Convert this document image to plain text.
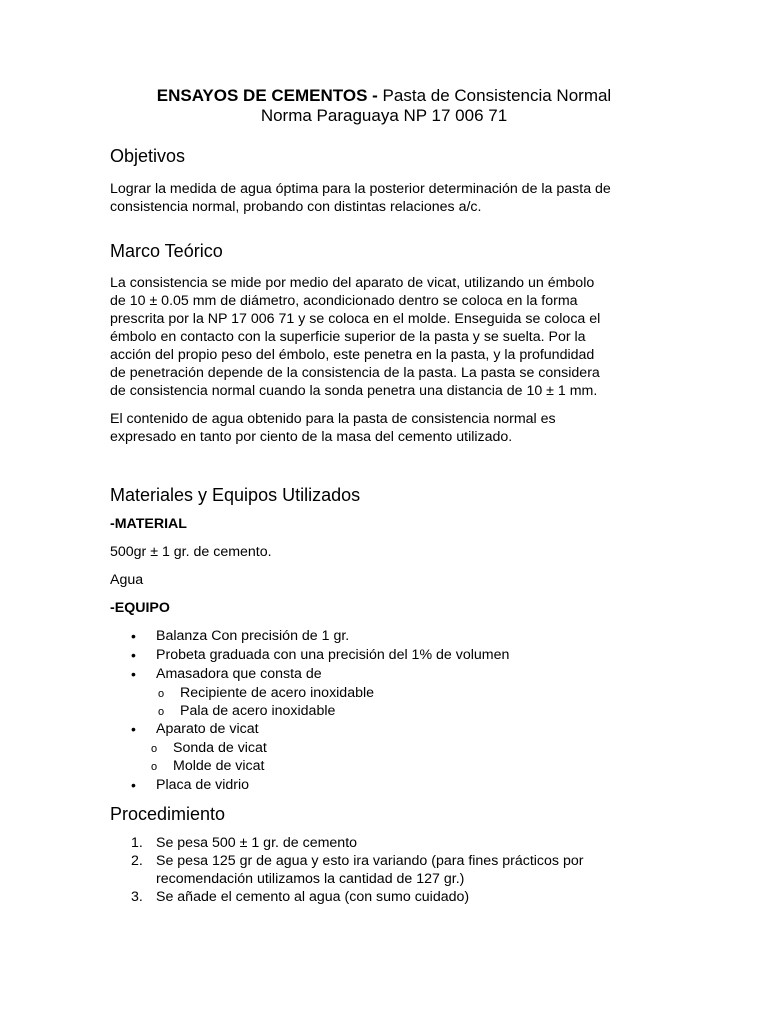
ENSAYOS DE CEMENTOS - Pasta de Consistencia Normal
Norma Paraguaya NP 17 006 71
Objetivos

Lograr la medida de agua óptima para la posterior determinación de la pasta de

consistencia normal, probando con distintas relaciones a/c.

Marco Teórico

La consistencia se mide por medio del aparato de vicat, utilizando un émbolo

de 10 ± 0.05 mm de diámetro, acondicionado dentro se coloca en la forma

prescrita por la NP 17 006 71 y se coloca en el molde. Enseguida se coloca el

émbolo en contacto con la superficie superior de la pasta y se suelta. Por la

acción del propio peso del émbolo, este penetra en la pasta, y la profundidad

de penetración depende de la consistencia de la pasta. La pasta se considera

de consistencia normal cuando la sonda penetra una distancia de 10 ± 1 mm.

El contenido de agua obtenido para la pasta de consistencia normal es

expresado en tanto por ciento de la masa del cemento utilizado.

Materiales y Equipos Utilizados

-MATERIAL

500gr ± 1 gr. de cemento.

Agua

-EQUIPO

• Balanza Con precisión de 1 gr.
• Probeta graduada con una precisión del 1% de volumen
• Amasadora que consta de
o Recipiente de acero inoxidable
o Pala de acero inoxidable
• Aparato de vicat
o Sonda de vicat
o Molde de vicat
• Placa de vidrio
Procedimiento
1. Se pesa 500 ± 1 gr. de cemento
2. Se pesa 125 gr de agua y esto ira variando (para fines prácticos por
recomendación utilizamos la cantidad de 127 gr.)
3. Se añade el cemento al agua (con sumo cuidado)
